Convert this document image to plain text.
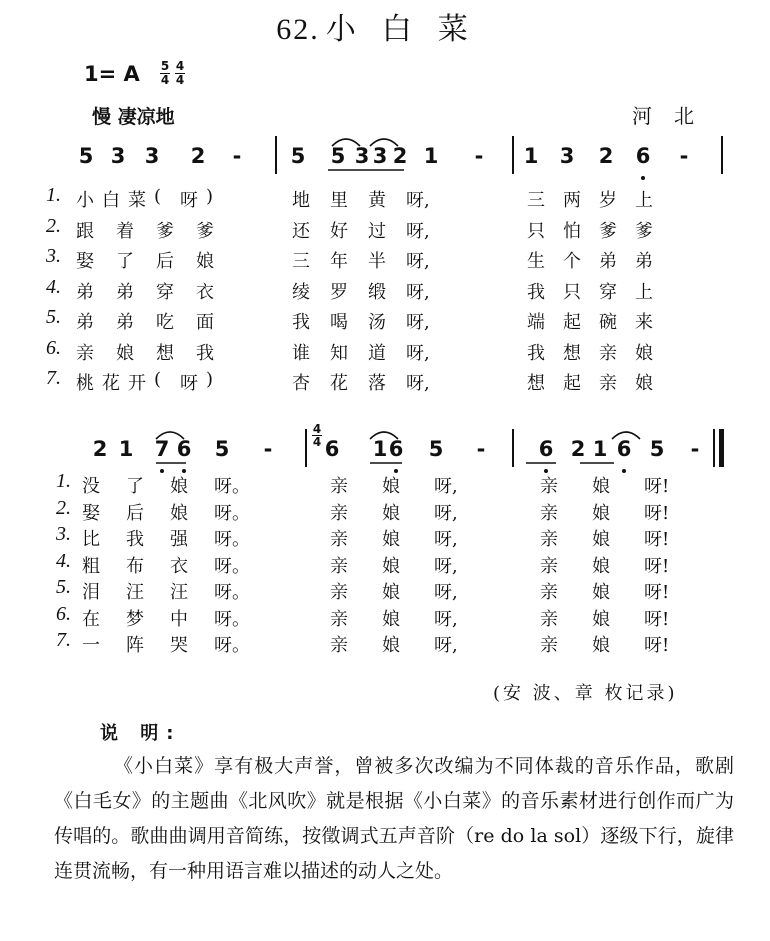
62. 小白菜
1= A 5
4
4
4
慢 凄凉地	河北
5 3 3 2 - 5 5 3 3 2 1 - 1 3 2 6 -
1. 小 白 菜 ( 呀 )	地 里 黄 呀,	三 两 岁 上
2. 跟 着 爹 爹	还 好 过 呀,	只 怕 爹 爹
3. 娶 了 后 娘	三 年 半 呀,	生 个 弟 弟
4. 弟 弟 穿 衣	绫 罗 缎 呀,	我 只 穿 上
5. 弟 弟 吃 面	我 喝 汤 呀,	端 起 碗 来
6. 亲 娘 想 我	谁 知 道 呀,	我 想 亲 娘
7. 桃 花 开 ( 呀 )	杏 花 落 呀,	想 起 亲 娘
4
4
2 1 7 6 5 - 6 1 6 5 -	6 2 1 6 5 -
1. 没 了 娘 呀。	亲 娘 呀,	亲 娘 呀!
2. 娶 后 娘 呀。	亲 娘 呀,	亲 娘 呀!
3. 比 我 强 呀。	亲 娘 呀,	亲 娘 呀!
4. 粗 布 衣 呀。	亲 娘 呀,	亲 娘 呀!
5. 泪 汪 汪 呀。	亲 娘 呀,	亲 娘 呀!
6. 在 梦 中 呀。	亲 娘 呀,	亲 娘 呀!
7. 一 阵 哭 呀。	亲 娘 呀,	亲 娘 呀!
(安 波、章 枚记录)
说 明:

《小白菜》享有极大声誉，曾被多次改编为不同体裁的音乐作品，歌剧《白毛女》的主题曲《北风吹》就是根据《小白菜》的音乐素材进行创作而广为传唱的。歌曲曲调用音简练，按徵调式五声音阶（re do la sol）逐级下行，旋律连贯流畅，有一种用语言难以描述的动人之处。
